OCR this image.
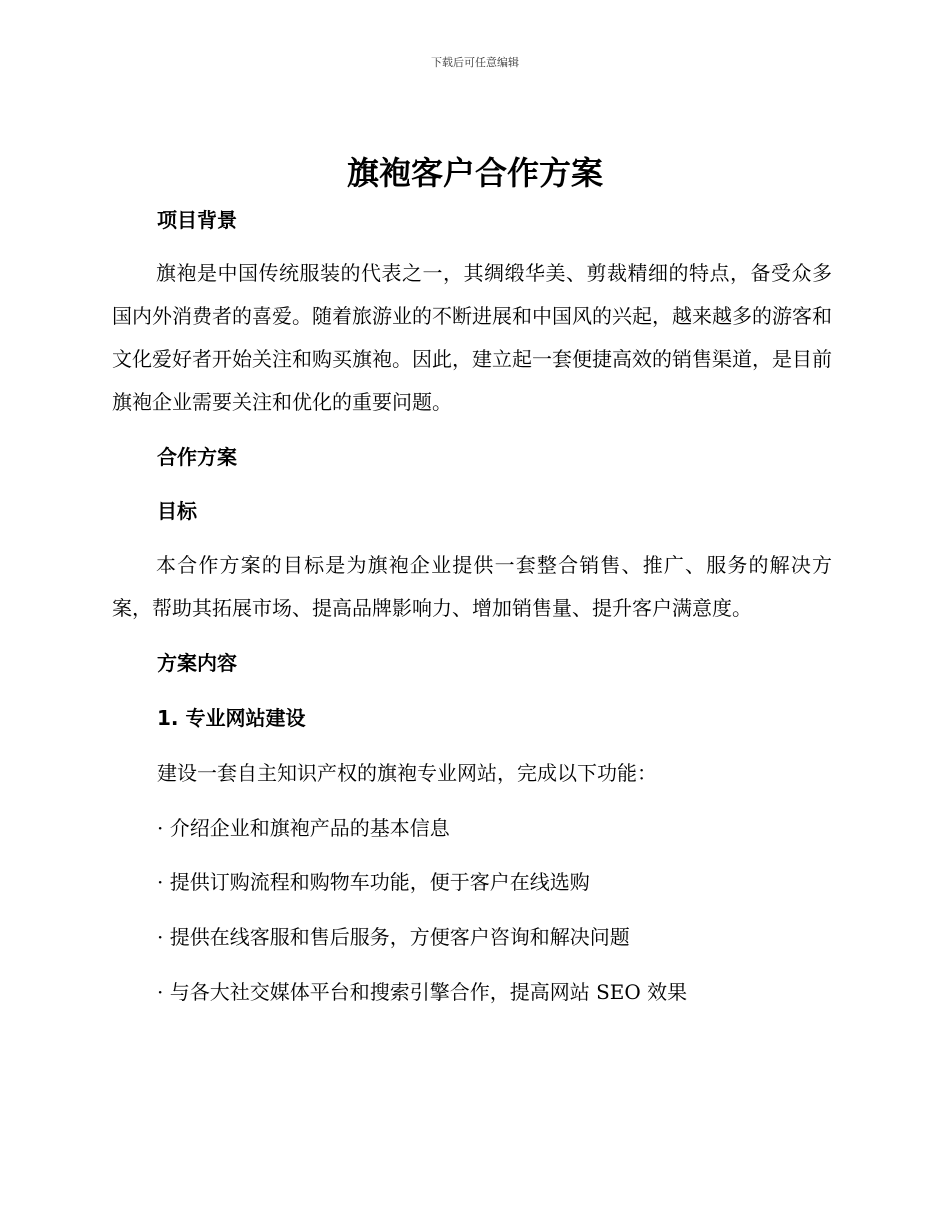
下载后可任意编辑
旗袍客户合作方案
项目背景
旗袍是中国传统服装的代表之一，其绸缎华美、剪裁精细的特点，备受众多国内外消费者的喜爱。随着旅游业的不断进展和中国风的兴起，越来越多的游客和文化爱好者开始关注和购买旗袍。因此，建立起一套便捷高效的销售渠道，是目前旗袍企业需要关注和优化的重要问题。
合作方案
目标
本合作方案的目标是为旗袍企业提供一套整合销售、推广、服务的解决方案，帮助其拓展市场、提高品牌影响力、增加销售量、提升客户满意度。
方案内容
1. 专业网站建设
建设一套自主知识产权的旗袍专业网站，完成以下功能：
· 介绍企业和旗袍产品的基本信息
· 提供订购流程和购物车功能，便于客户在线选购
· 提供在线客服和售后服务，方便客户咨询和解决问题
· 与各大社交媒体平台和搜索引擎合作，提高网站 SEO 效果
